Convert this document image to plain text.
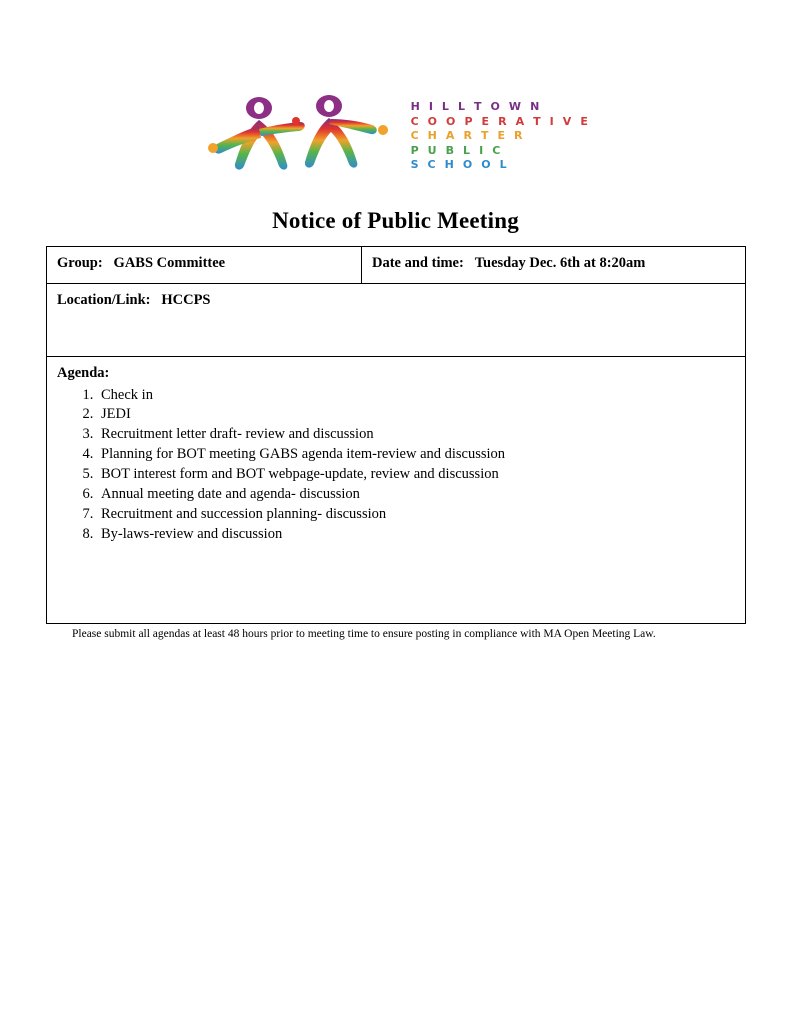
H I L L T O W N
C O O P E R A T I V E
C H A R T E R
P U B L I C
S C H O O L
Notice of Public Meeting
Group: GABS Committee	Date and time: Tuesday Dec. 6th at 8:20am
Location/Link: HCCPS

Agenda:
1. Check in
2. JEDI
3. Recruitment letter draft- review and discussion
4. Planning for BOT meeting GABS agenda item-review and discussion
5. BOT interest form and BOT webpage-update, review and discussion
6. Annual meeting date and agenda- discussion
7. Recruitment and succession planning- discussion
8. By-laws-review and discussion
Please submit all agendas at least 48 hours prior to meeting time to ensure posting in compliance with MA Open Meeting Law.
